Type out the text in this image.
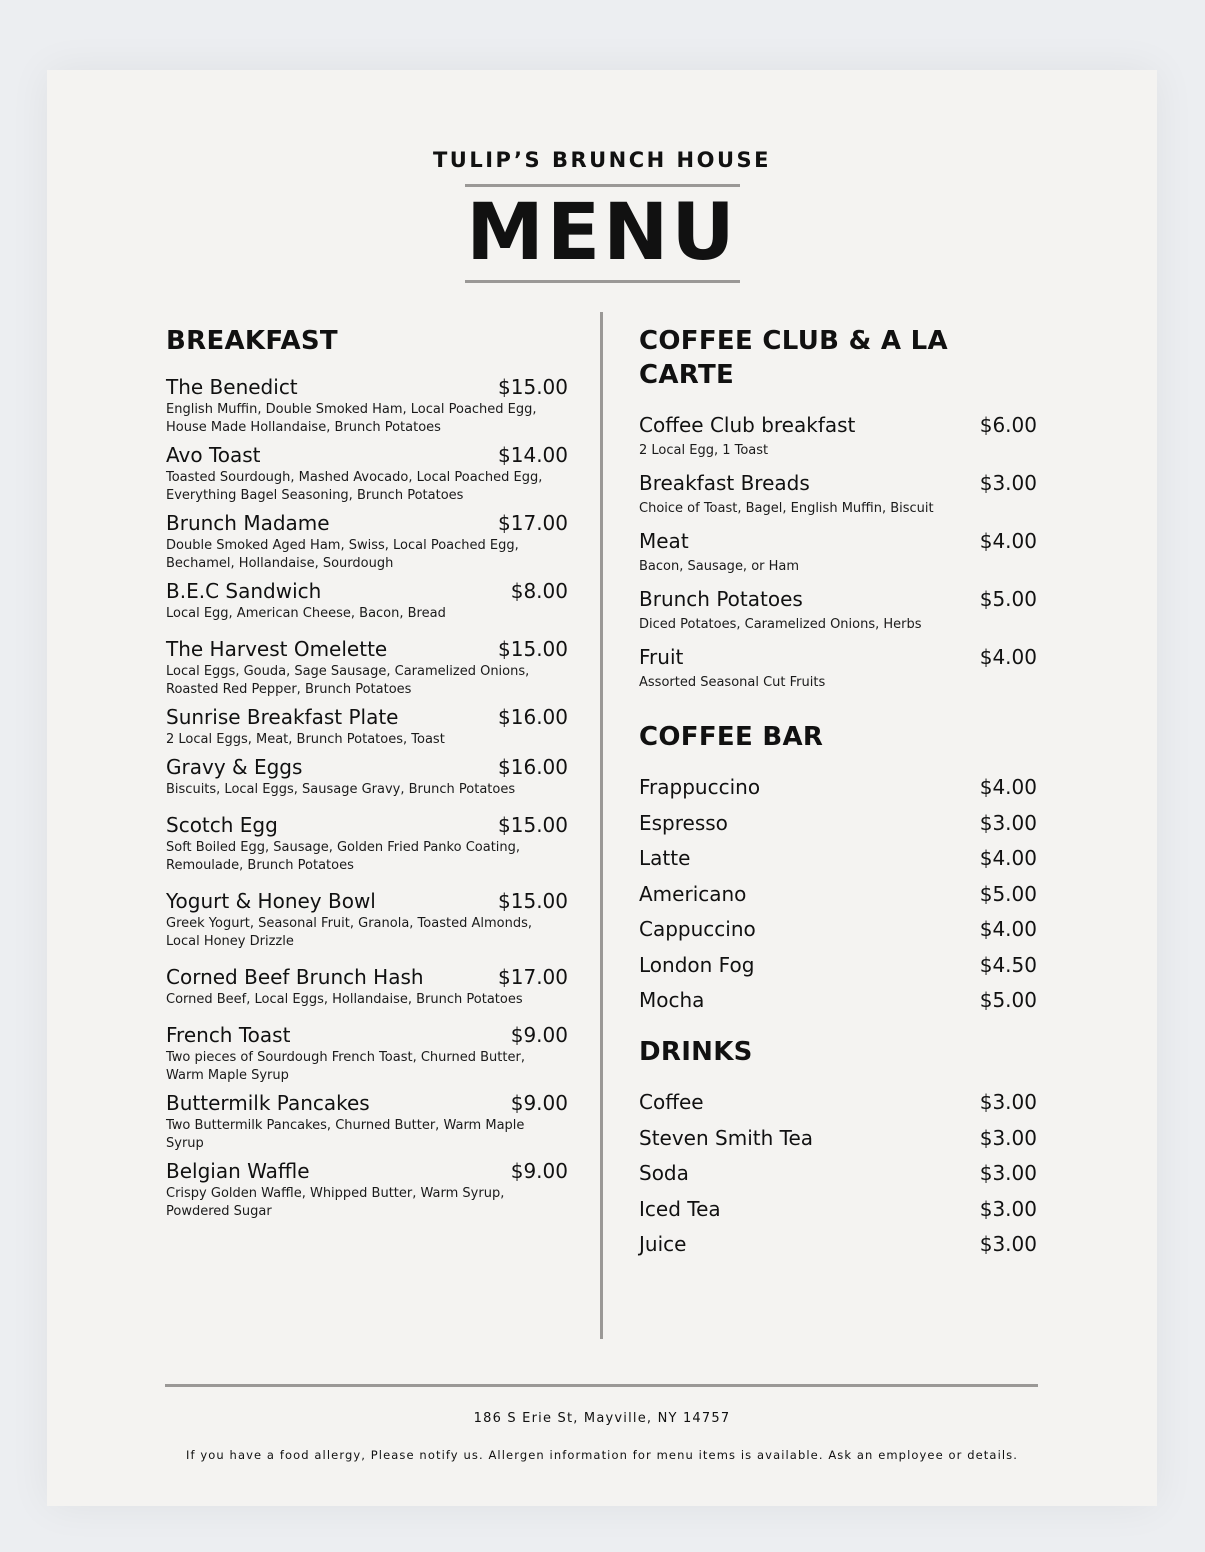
TULIP’S BRUNCH HOUSE
MENU
BREAKFAST
The Benedict	$15.00
English Muffin, Double Smoked Ham, Local Poached Egg, House Made Hollandaise, Brunch Potatoes
Avo Toast	$14.00
Toasted Sourdough, Mashed Avocado, Local Poached Egg, Everything Bagel Seasoning, Brunch Potatoes
Brunch Madame	$17.00
Double Smoked Aged Ham, Swiss, Local Poached Egg, Bechamel, Hollandaise, Sourdough
B.E.C Sandwich	$8.00
Local Egg, American Cheese, Bacon, Bread
The Harvest Omelette	$15.00
Local Eggs, Gouda, Sage Sausage, Caramelized Onions, Roasted Red Pepper, Brunch Potatoes
Sunrise Breakfast Plate	$16.00
2 Local Eggs, Meat, Brunch Potatoes, Toast
Gravy & Eggs	$16.00
Biscuits, Local Eggs, Sausage Gravy, Brunch Potatoes
Scotch Egg	$15.00
Soft Boiled Egg, Sausage, Golden Fried Panko Coating, Remoulade, Brunch Potatoes
Yogurt & Honey Bowl	$15.00
Greek Yogurt, Seasonal Fruit, Granola, Toasted Almonds, Local Honey Drizzle
Corned Beef Brunch Hash	$17.00
Corned Beef, Local Eggs, Hollandaise, Brunch Potatoes
French Toast	$9.00
Two pieces of Sourdough French Toast, Churned Butter, Warm Maple Syrup
Buttermilk Pancakes	$9.00
Two Buttermilk Pancakes, Churned Butter, Warm Maple Syrup
Belgian Waffle	$9.00
Crispy Golden Waffle, Whipped Butter, Warm Syrup, Powdered Sugar
COFFEE CLUB & A LA CARTE
Coffee Club breakfast	$6.00
2 Local Egg, 1 Toast
Breakfast Breads	$3.00
Choice of Toast, Bagel, English Muffin, Biscuit
Meat	$4.00
Bacon, Sausage, or Ham
Brunch Potatoes	$5.00
Diced Potatoes, Caramelized Onions, Herbs
Fruit	$4.00
Assorted Seasonal Cut Fruits
COFFEE BAR
Frappuccino	$4.00
Espresso	$3.00
Latte	$4.00
Americano	$5.00
Cappuccino	$4.00
London Fog	$4.50
Mocha	$5.00
DRINKS
Coffee	$3.00
Steven Smith Tea	$3.00
Soda	$3.00
Iced Tea	$3.00
Juice	$3.00
186 S Erie St, Mayville, NY 14757
If you have a food allergy, Please notify us. Allergen information for menu items is available. Ask an employee or details.
